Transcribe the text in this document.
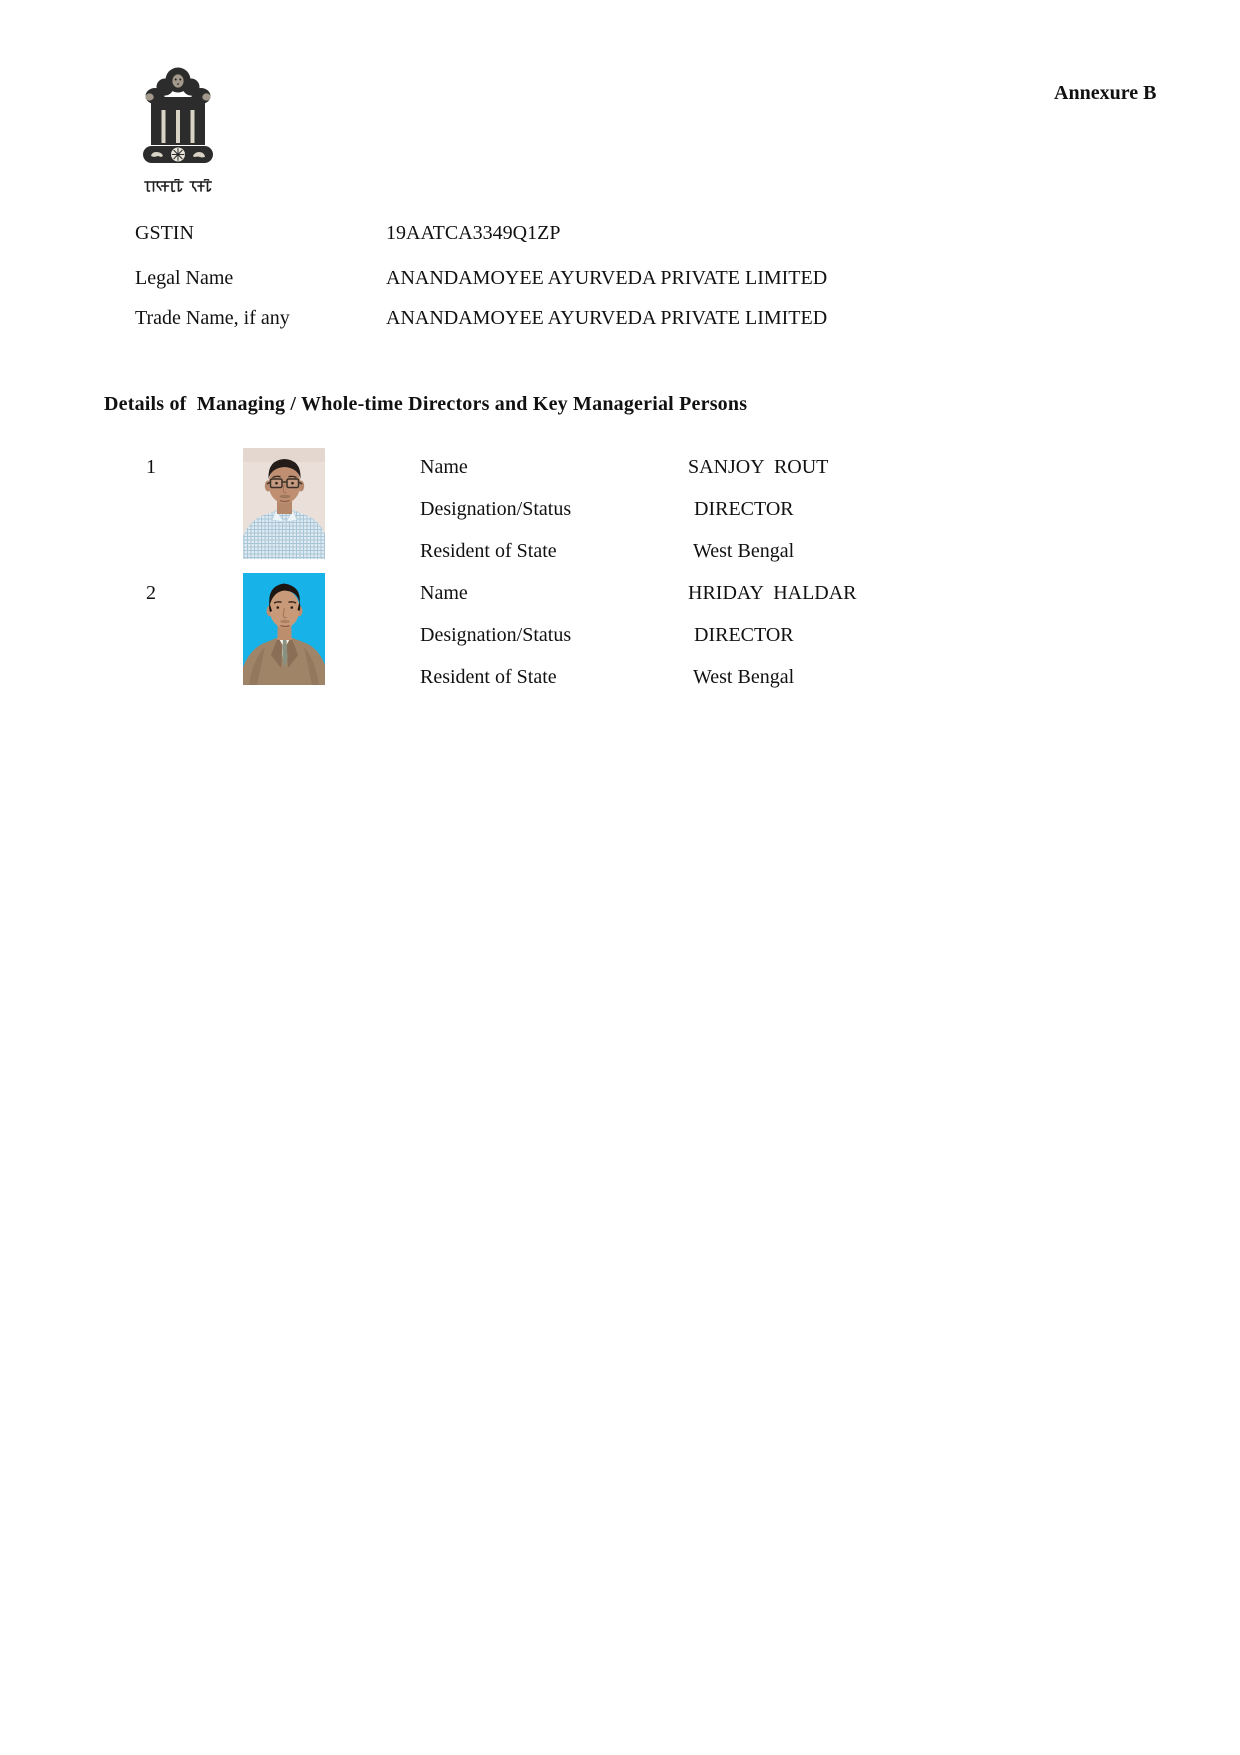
Annexure B
GSTIN	19AATCA3349Q1ZP
Legal Name	ANANDAMOYEE AYURVEDA PRIVATE LIMITED
Trade Name, if any	ANANDAMOYEE AYURVEDA PRIVATE LIMITED
Details of  Managing / Whole-time Directors and Key Managerial Persons
1	Name	SANJOY  ROUT
Designation/Status	DIRECTOR
Resident of State	West Bengal
2	Name	HRIDAY  HALDAR
Designation/Status	DIRECTOR
Resident of State	West Bengal
